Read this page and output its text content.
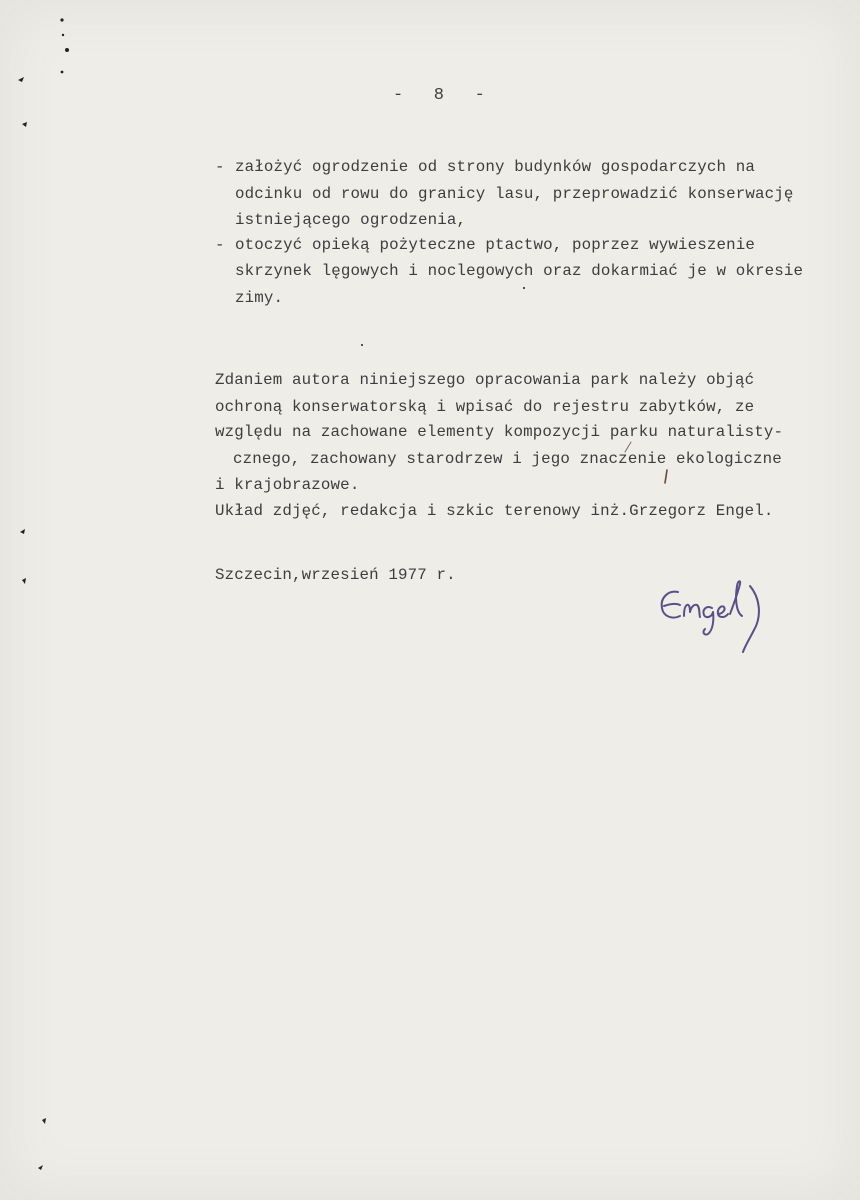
-   8   -
- założyć ogrodzenie od strony budynków gospodarczych na
odcinku od rowu do granicy lasu, przeprowadzić konserwację
istniejącego ogrodzenia,
- otoczyć opieką pożyteczne ptactwo, poprzez wywieszenie
skrzynek lęgowych i noclegowych oraz dokarmiać je w okresie
zimy.
Zdaniem autora niniejszego opracowania park należy objąć
ochroną konserwatorską i wpisać do rejestru zabytków, ze
względu na zachowane elementy kompozycji parku naturalisty-
cznego, zachowany starodrzew i jego znaczenie ekologiczne
i krajobrazowe.
Układ zdjęć, redakcja i szkic terenowy inż.Grzegorz Engel.
Szczecin,wrzesień 1977 r.
